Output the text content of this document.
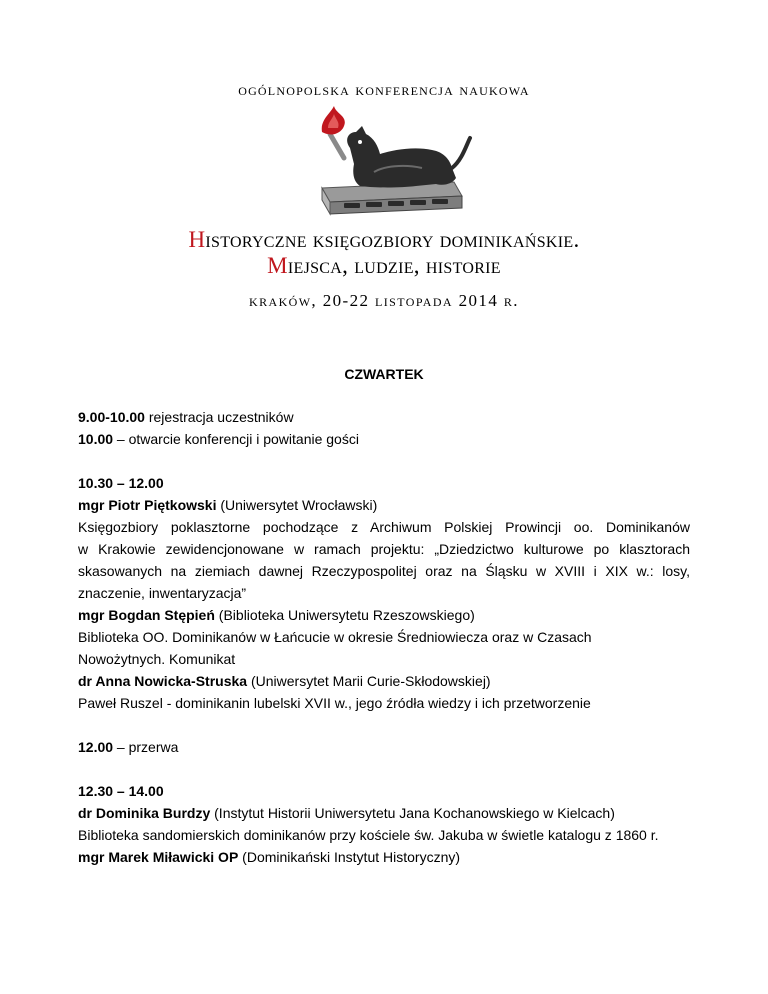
ogólnopolska konferencja naukowa
Historyczne księgozbiory dominikańskie.
Miejsca, ludzie, historie
kraków, 20-22 listopada 2014 r.
CZWARTEK

9.00-10.00 rejestracja uczestników

10.00 – otwarcie konferencji i powitanie gości

10.30 – 12.00

mgr Piotr Piętkowski (Uniwersytet Wrocławski)

Księgozbiory poklasztorne pochodzące z Archiwum Polskiej Prowincji oo. Dominikanów

w Krakowie zewidencjonowane w ramach projektu: „Dziedzictwo kulturowe po klasztorach

skasowanych na ziemiach dawnej Rzeczypospolitej oraz na Śląsku w XVIII i XIX w.: losy,

znaczenie, inwentaryzacja”

mgr Bogdan Stępień (Biblioteka Uniwersytetu Rzeszowskiego)

Biblioteka OO. Dominikanów w Łańcucie w okresie Średniowiecza oraz w Czasach

Nowożytnych. Komunikat

dr Anna Nowicka-Struska (Uniwersytet Marii Curie-Skłodowskiej)

Paweł Ruszel - dominikanin lubelski XVII w., jego źródła wiedzy i ich przetworzenie

12.00 – przerwa

12.30 – 14.00

dr Dominika Burdzy (Instytut Historii Uniwersytetu Jana Kochanowskiego w Kielcach)

Biblioteka sandomierskich dominikanów przy kościele św. Jakuba w świetle katalogu z 1860 r.

mgr Marek Miławicki OP (Dominikański Instytut Historyczny)
